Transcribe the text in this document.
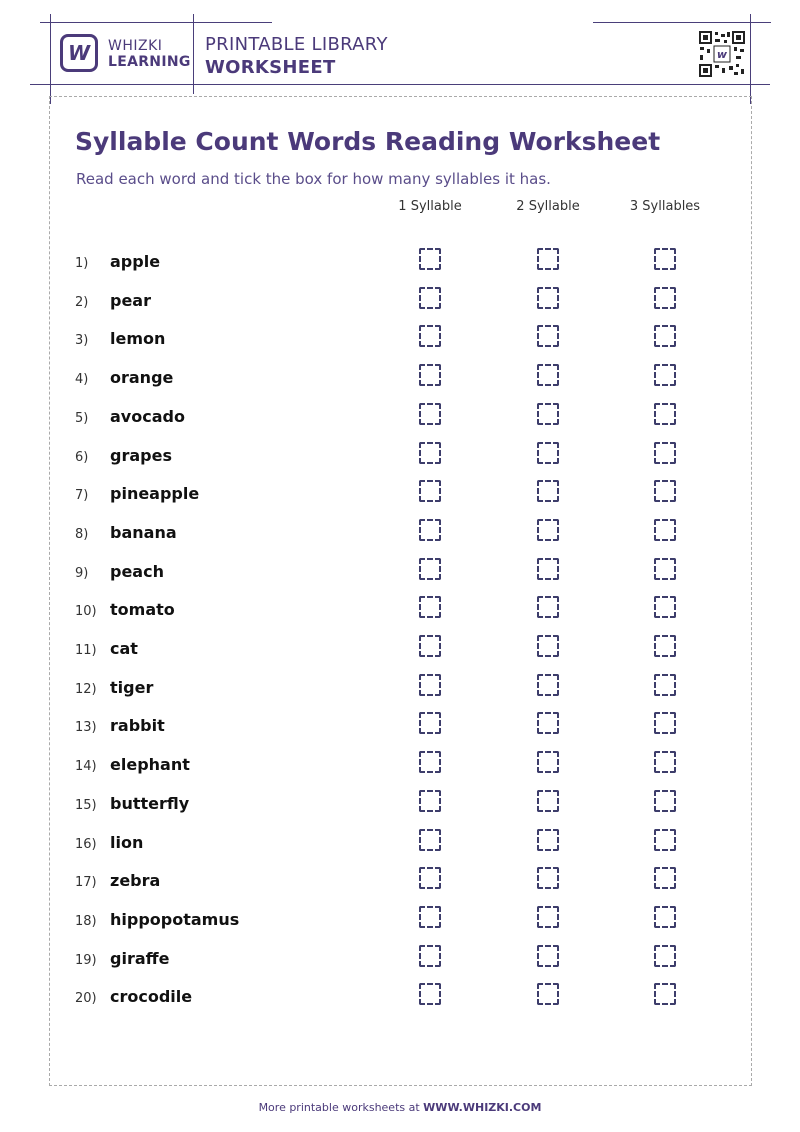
W WHIZKI
LEARNING
PRINTABLE LIBRARY
WORKSHEET
w
Syllable Count Words Reading Worksheet

Read each word and tick the box for how many syllables it has.

1 Syllable	2 Syllable	3 Syllables
1) apple
2) pear
3) lemon
4) orange
5) avocado
6) grapes
7) pineapple
8) banana
9) peach
10) tomato
11) cat
12) tiger
13) rabbit
14) elephant
15) butterfly
16) lion
17) zebra
18) hippopotamus
19) giraffe
20) crocodile
More printable worksheets at WWW.WHIZKI.COM
